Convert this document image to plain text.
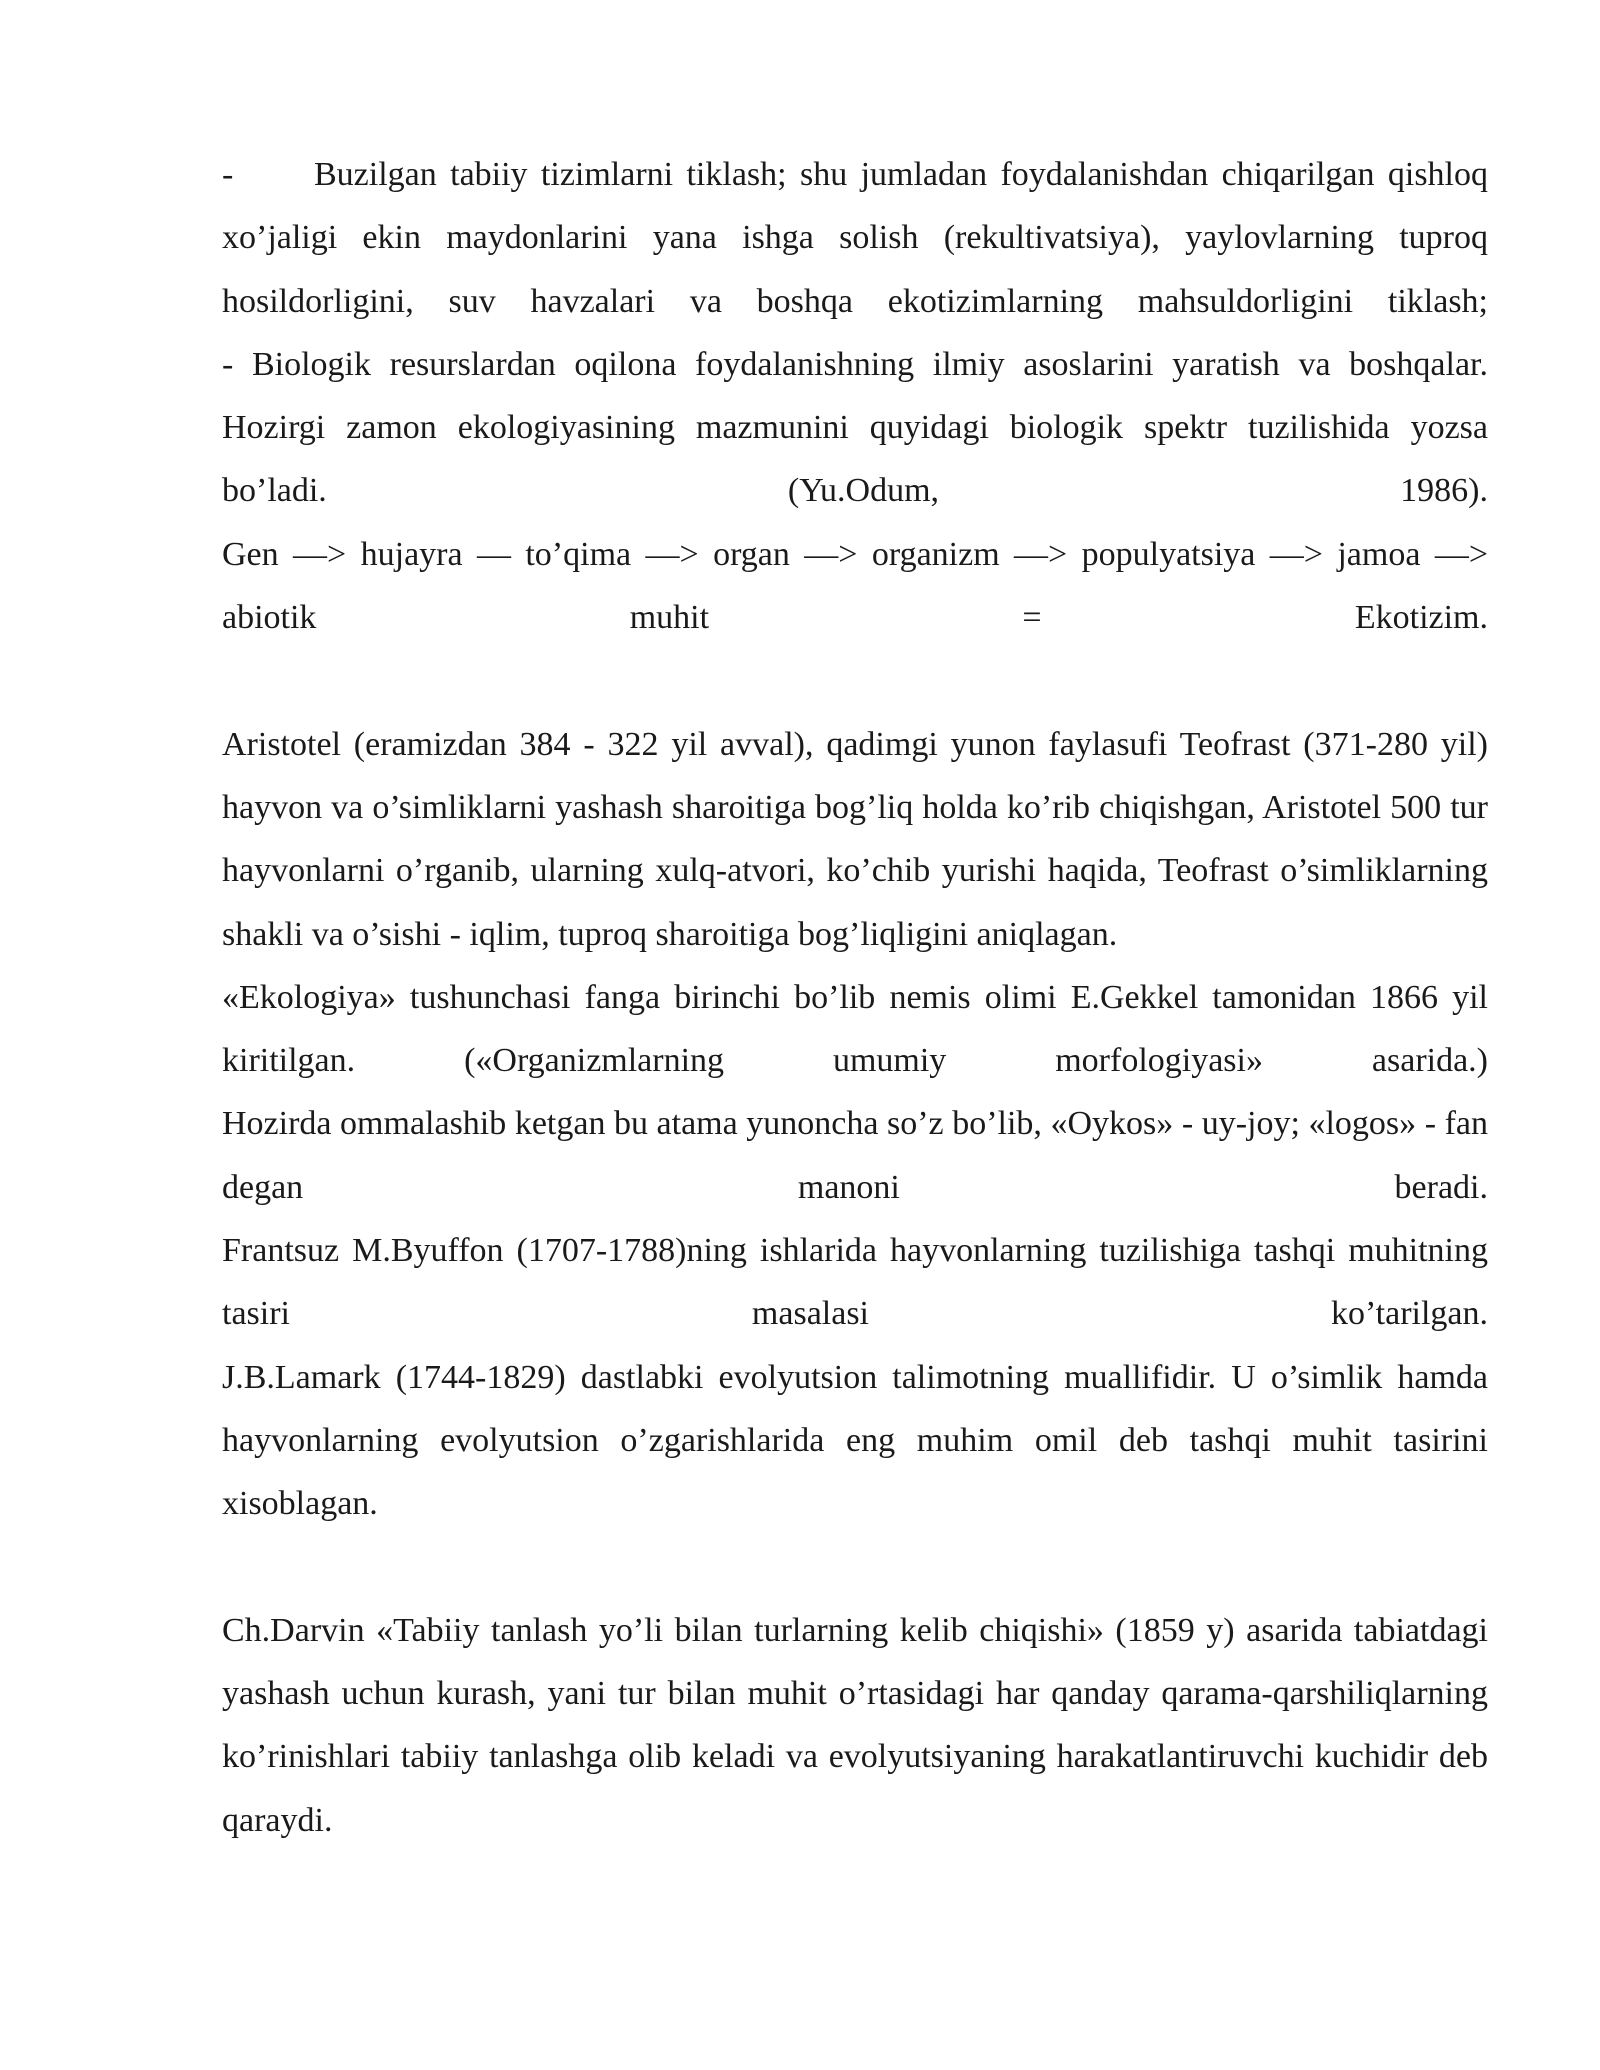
- Buzilgan tabiiy tizimlarni tiklash; shu jumladan foydalanishdan chiqarilgan qishloq xo’jaligi ekin maydonlarini yana ishga solish (rekultivatsiya), yaylovlarning tuproq hosildorligini, suv havzalari va boshqa ekotizimlarning mahsuldorligini tiklash;

- Biologik resurslardan oqilona foydalanishning ilmiy asoslarini yaratish va boshqalar.

Hozirgi zamon ekologiyasining mazmunini quyidagi biologik spektr tuzilishida yozsa bo’ladi. (Yu.Odum, 1986).

Gen —> hujayra — to’qima —> organ —> organizm —> populyatsiya —> jamoa —> abiotik muhit = Ekotizim.

Aristotel (eramizdan 384 - 322 yil avval), qadimgi yunon faylasufi Teofrast (371-280 yil) hayvon va o’simliklarni yashash sharoitiga bog’liq holda ko’rib chiqishgan, Aristotel 500 tur hayvonlarni o’rganib, ularning xulq-atvori, ko’chib yurishi haqida, Teofrast o’simliklarning shakli va o’sishi - iqlim, tuproq sharoitiga bog’liqligini aniqlagan.

«Ekologiya» tushunchasi fanga birinchi bo’lib nemis olimi E.Gekkel tamonidan 1866 yil kiritilgan. («Organizmlarning umumiy morfologiyasi» asarida.)

Hozirda ommalashib ketgan bu atama yunoncha so’z bo’lib, «Oykos» - uy-joy; «logos» - fan degan manoni beradi.

Frantsuz M.Byuffon (1707-1788)ning ishlarida hayvonlarning tuzilishiga tashqi muhitning tasiri masalasi ko’tarilgan.

J.B.Lamark (1744-1829) dastlabki evolyutsion talimotning muallifidir. U o’simlik hamda hayvonlarning evolyutsion o’zgarishlarida eng muhim omil deb tashqi muhit tasirini xisoblagan.

Ch.Darvin «Tabiiy tanlash yo’li bilan turlarning kelib chiqishi» (1859 y) asarida tabiatdagi yashash uchun kurash, yani tur bilan muhit o’rtasidagi har qanday qarama-qarshiliqlarning ko’rinishlari tabiiy tanlashga olib keladi va evolyutsiyaning harakatlantiruvchi kuchidir deb qaraydi.
